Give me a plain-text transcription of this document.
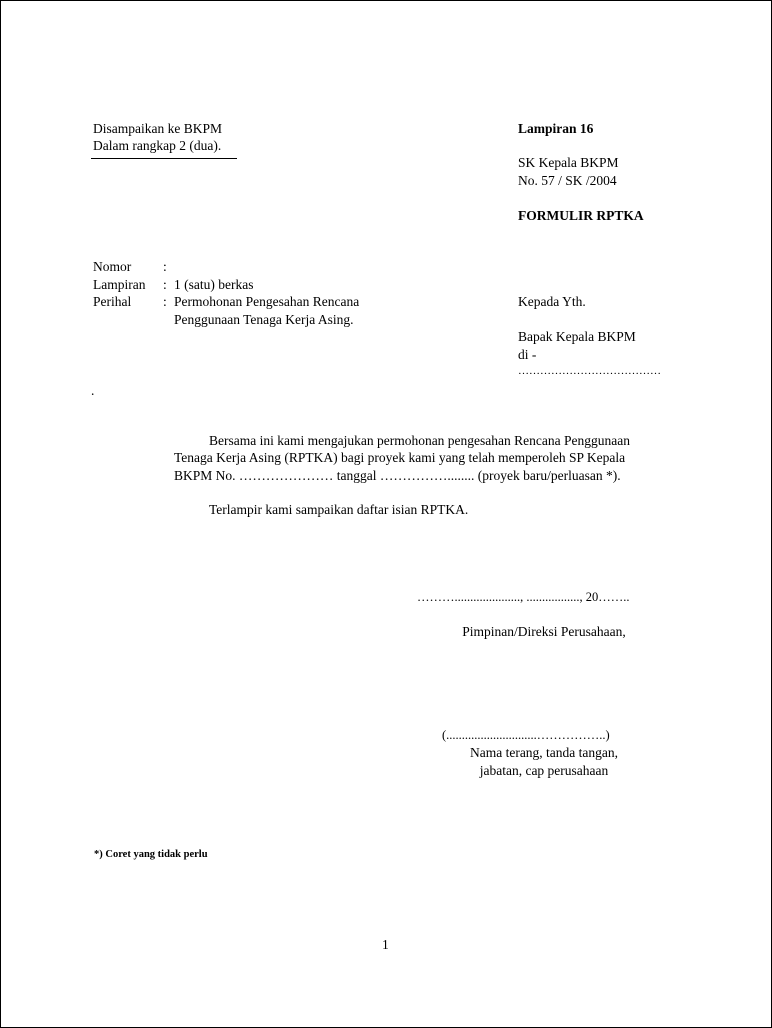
Disampaikan ke BKPM
Dalam rangkap 2 (dua).
Lampiran 16
SK Kepala BKPM
No. 57 / SK /2004
FORMULIR RPTKA
Nomor :
Lampiran : 1 (satu) berkas
Perihal : Permohonan Pengesahan Rencana
Penggunaan Tenaga Kerja Asing.
Kepada Yth.
Bapak Kepala BKPM
di -
…………………………………
.
Bersama ini kami mengajukan permohonan pengesahan Rencana Penggunaan
Tenaga Kerja Asing (RPTKA) bagi proyek kami yang telah memperoleh SP Kepala
BKPM No. ………………… tanggal ……………........ (proyek baru/perluasan *).
Terlampir kami sampaikan daftar isian RPTKA.
………....................., ................., 20……..
Pimpinan/Direksi Perusahaan,
(.............................……………..)
Nama terang, tanda tangan,
jabatan, cap perusahaan
*) Coret yang tidak perlu
1
